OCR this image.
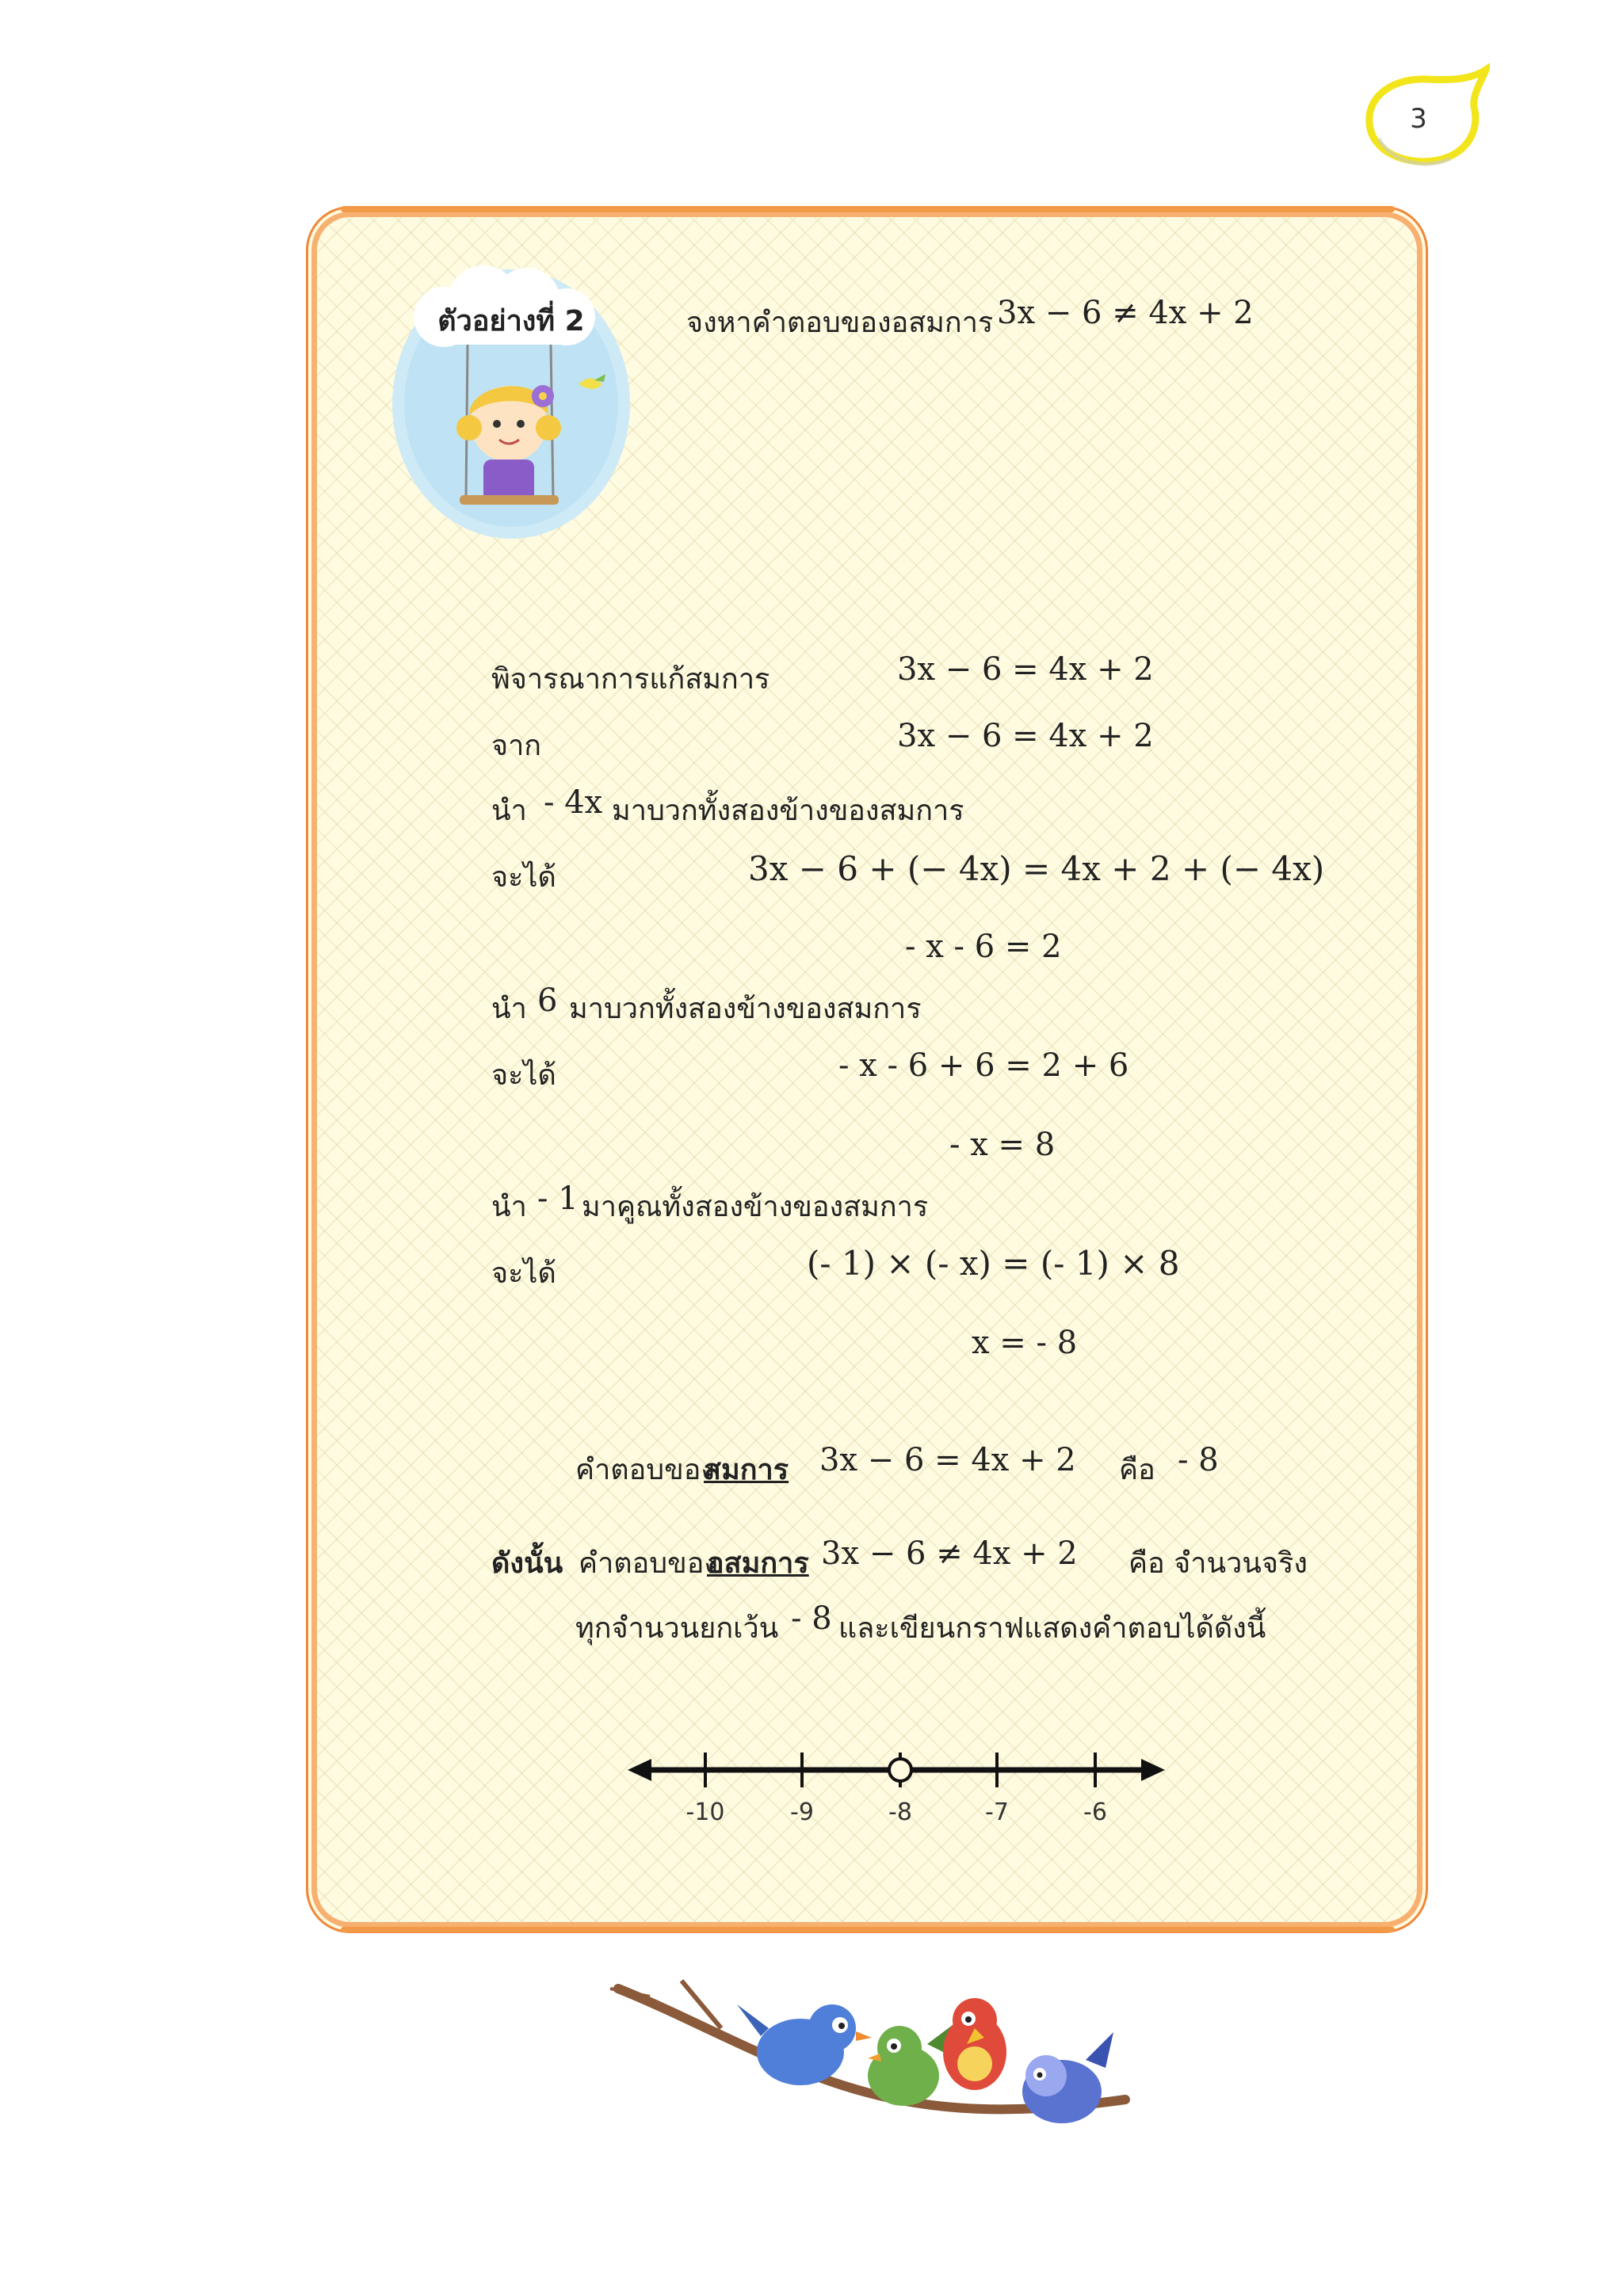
3
ตัวอย่างที่ 2	จงหาคำตอบของอสมการ 3x − 6 ≠ 4x + 2
พิจารณาการแก้สมการ	3x − 6 = 4x + 2
จาก	3x − 6 = 4x + 2
นำ - 4x มาบวกทั้งสองข้างของสมการ
จะได้	3x − 6 + (− 4x) = 4x + 2 + (− 4x)
- x - 6 = 2
นำ 6 มาบวกทั้งสองข้างของสมการ
จะได้	- x - 6 + 6 = 2 + 6
- x = 8
นำ - 1 มาคูณทั้งสองข้างของสมการ
จะได้	(- 1) × (- x) = (- 1) × 8
x = - 8
คำตอบของ
สมการ 3x − 6 = 4x + 2 คือ - 8
ดังนั้น คำตอบของ
อสมการ 3x − 6 ≠ 4x + 2 คือ จำนวนจริง
ทุกจำนวนยกเว้น - 8 และเขียนกราฟแสดงคำตอบได้ดังนี้
-10	-9	-8	-7	-6
